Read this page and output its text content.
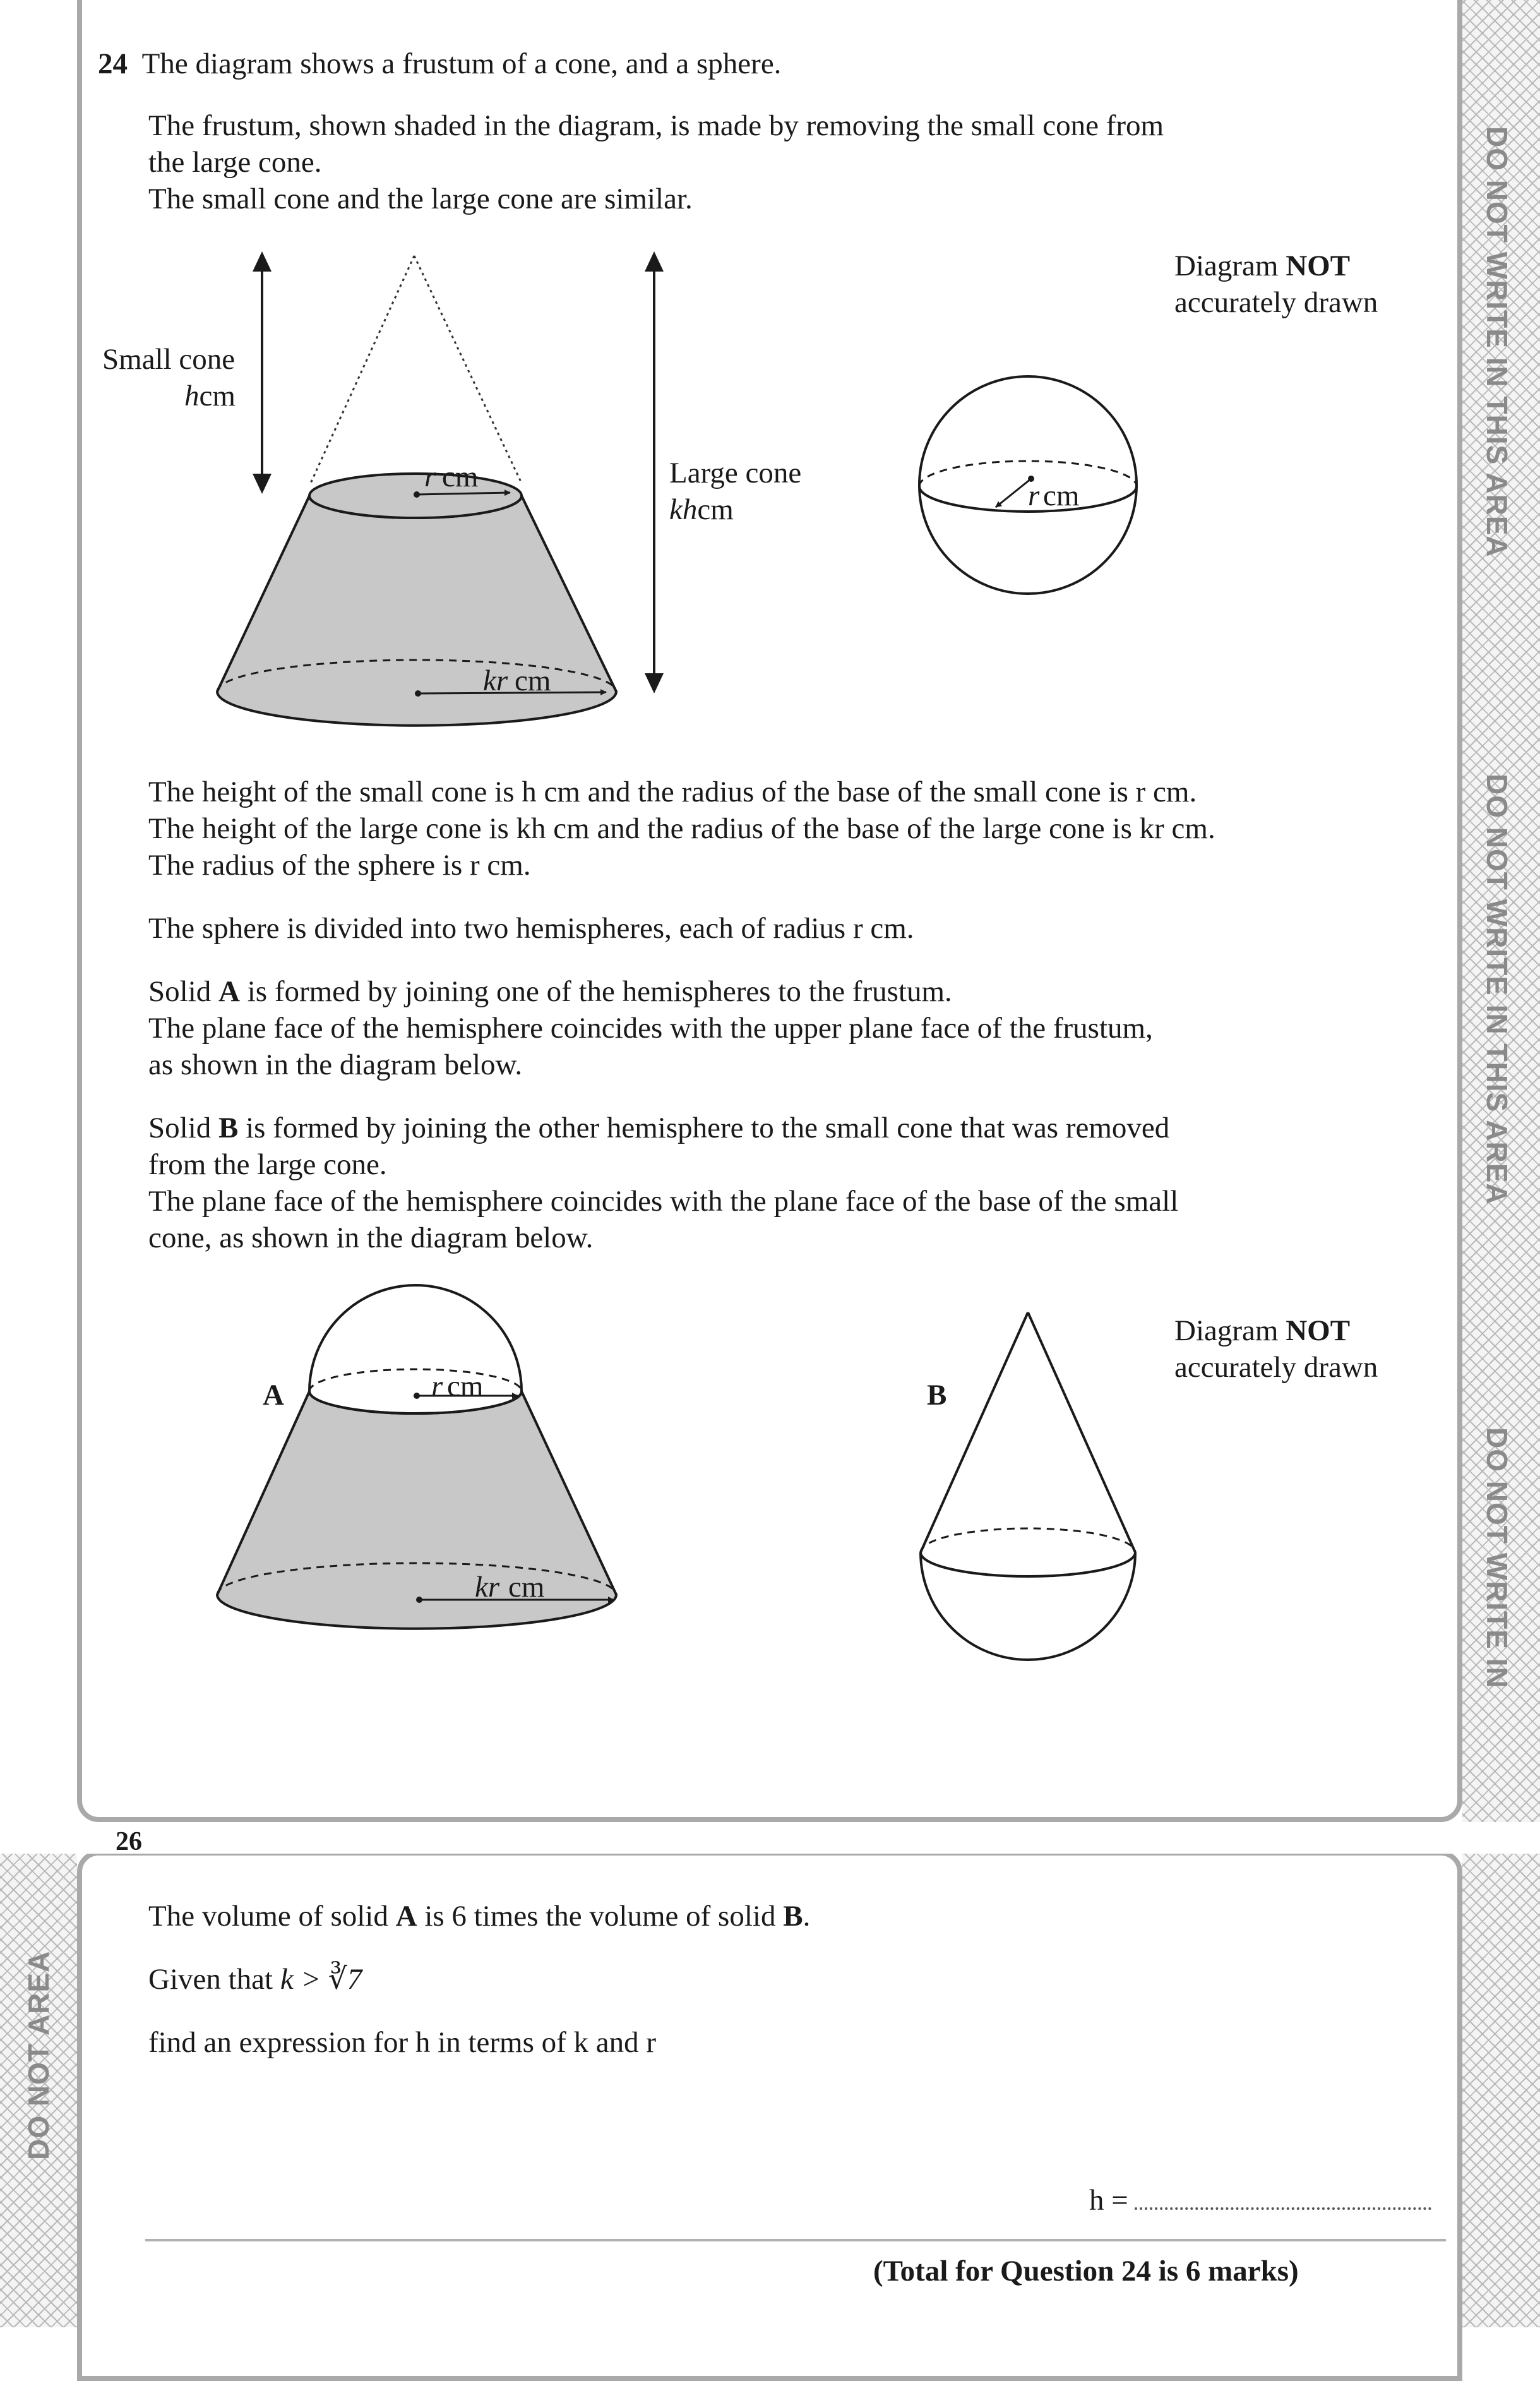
26
DO NOT WRITE IN THIS AREA
DO NOT WRITE IN THIS AREA
DO NOT WRITE IN
DO NOT AREA
24 The diagram shows a frustum of a cone, and a sphere.
The frustum, shown shaded in the diagram, is made by removing the small cone from
the large cone.
The small cone and the large cone are similar.
r cm
kr cm
r cm
r cm
kr cm
Diagram NOT
accurately drawn
Small cone
hcm
Large cone
khcm
The height of the small cone is h cm and the radius of the base of the small cone is r cm.
The height of the large cone is kh cm and the radius of the base of the large cone is kr cm.
The radius of the sphere is r cm.
The sphere is divided into two hemispheres, each of radius r cm.
Solid A is formed by joining one of the hemispheres to the frustum.
The plane face of the hemisphere coincides with the upper plane face of the frustum,
as shown in the diagram below.
Solid B is formed by joining the other hemisphere to the small cone that was removed
from the large cone.
The plane face of the hemisphere coincides with the plane face of the base of the small
cone, as shown in the diagram below.
A	B
Diagram NOT
accurately drawn
The volume of solid A is 6 times the volume of solid B.
Given that k > ∛7
find an expression for h in terms of k and r
h =
(Total for Question 24 is 6 marks)
